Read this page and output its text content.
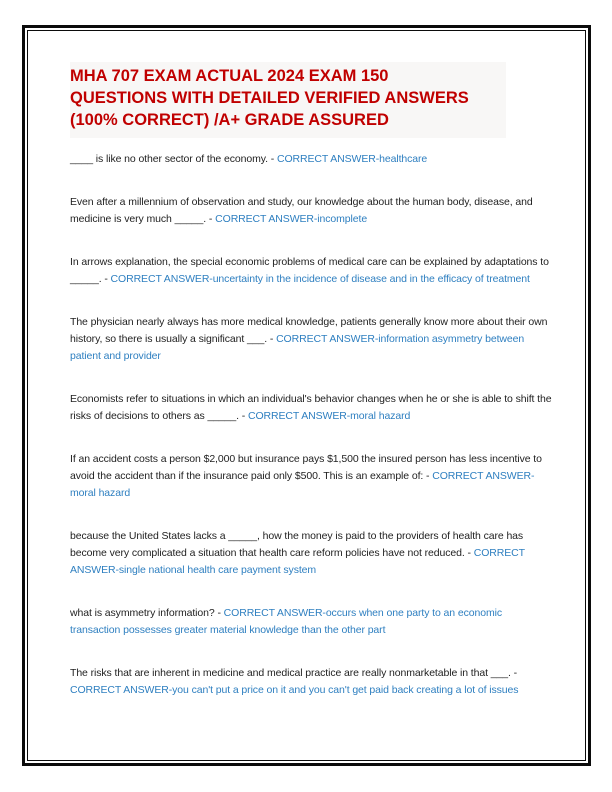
MHA 707 EXAM ACTUAL 2024 EXAM 150 QUESTIONS WITH DETAILED VERIFIED ANSWERS (100% CORRECT) /A+ GRADE ASSURED

____ is like no other sector of the economy. - CORRECT ANSWER-healthcare

Even after a millennium of observation and study, our knowledge about the human body, disease, and medicine is very much _____. - CORRECT ANSWER-incomplete

In arrows explanation, the special economic problems of medical care can be explained by adaptations to _____. - CORRECT ANSWER-uncertainty in the incidence of disease and in the efficacy of treatment

The physician nearly always has more medical knowledge, patients generally know more about their own history, so there is usually a significant ___. - CORRECT ANSWER-information asymmetry between patient and provider

Economists refer to situations in which an individual's behavior changes when he or she is able to shift the risks of decisions to others as _____. - CORRECT ANSWER-moral hazard

If an accident costs a person $2,000 but insurance pays $1,500 the insured person has less incentive to avoid the accident than if the insurance paid only $500. This is an example of: - CORRECT ANSWER-moral hazard

because the United States lacks a _____, how the money is paid to the providers of health care has become very complicated a situation that health care reform policies have not reduced. - CORRECT ANSWER-single national health care payment system

what is asymmetry information? - CORRECT ANSWER-occurs when one party to an economic transaction possesses greater material knowledge than the other part

The risks that are inherent in medicine and medical practice are really nonmarketable in that ___. - CORRECT ANSWER-you can't put a price on it and you can't get paid back creating a lot of issues
